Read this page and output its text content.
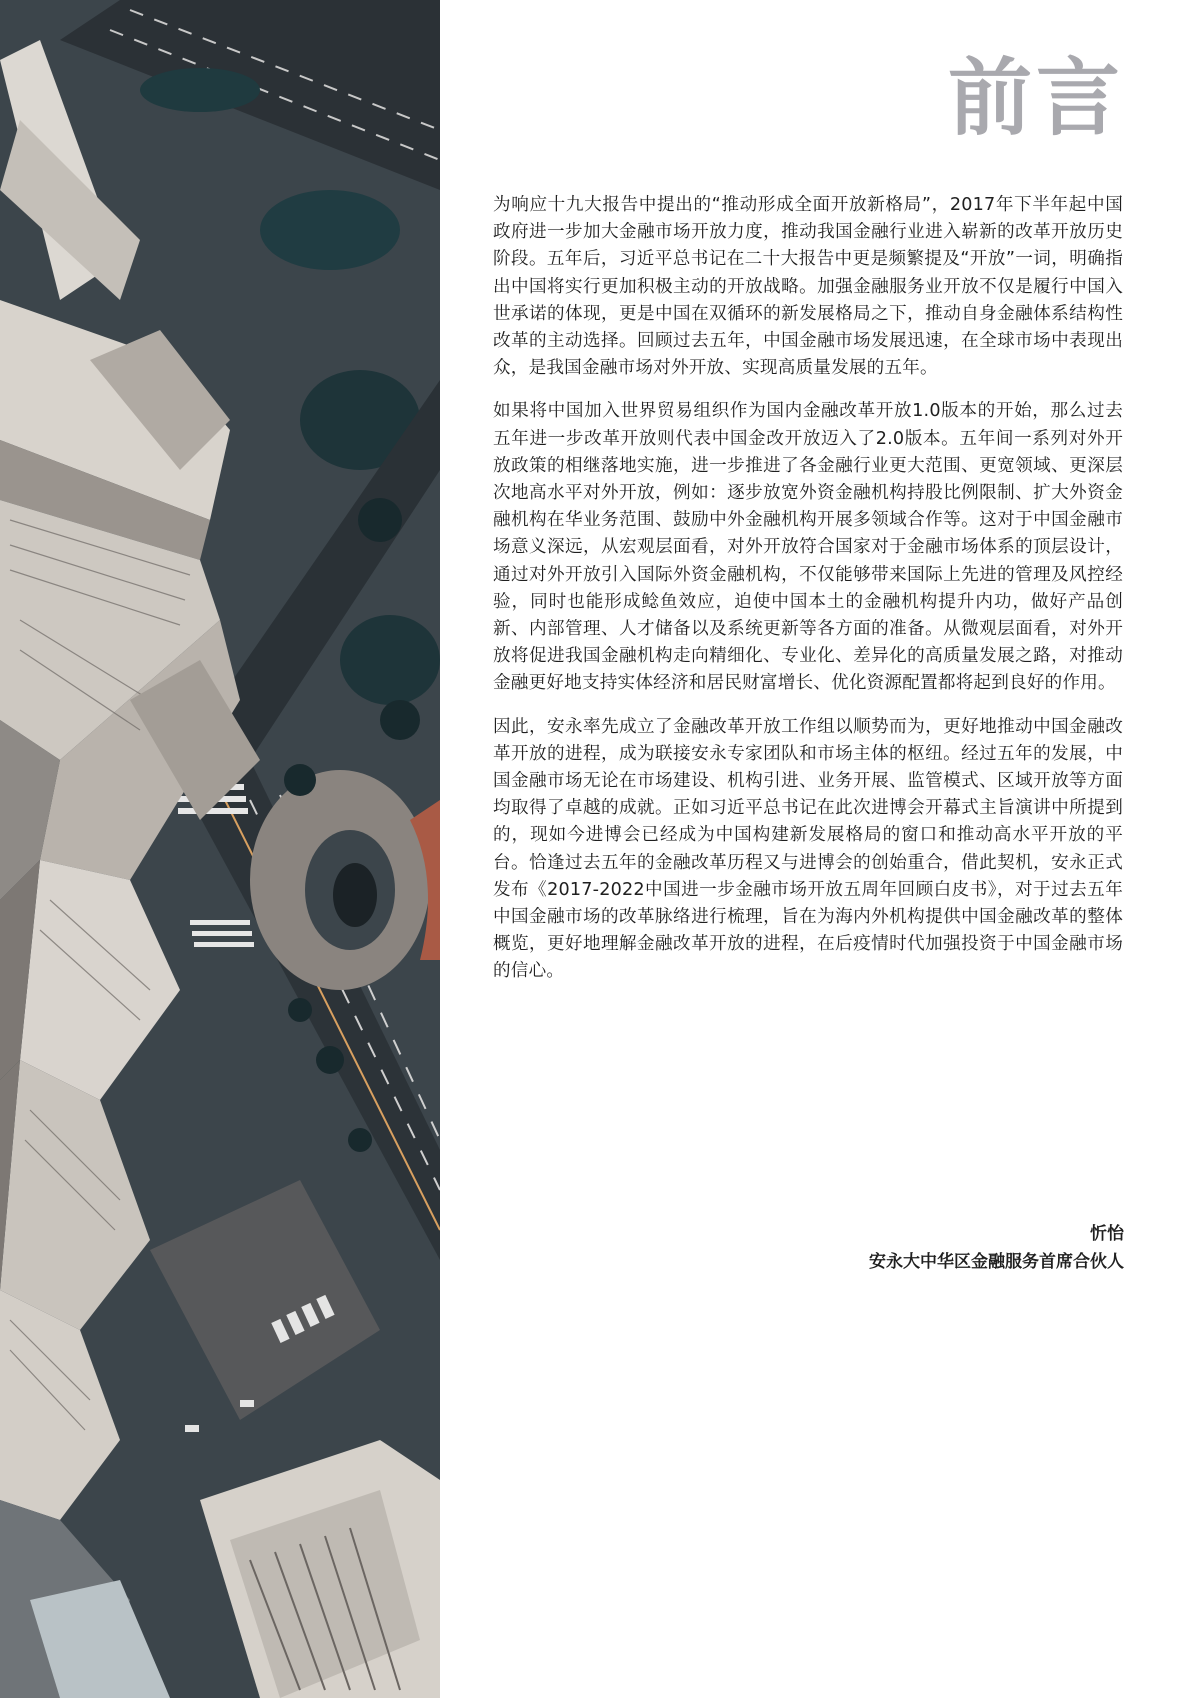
前言

为响应十九大报告中提出的“推动形成全面开放新格局”，2017年下半年起中国政府进一步加大金融市场开放力度，推动我国金融行业进入崭新的改革开放历史阶段。五年后，习近平总书记在二十大报告中更是频繁提及“开放”一词，明确指出中国将实行更加积极主动的开放战略。加强金融服务业开放不仅是履行中国入世承诺的体现，更是中国在双循环的新发展格局之下，推动自身金融体系结构性改革的主动选择。回顾过去五年，中国金融市场发展迅速，在全球市场中表现出众，是我国金融市场对外开放、实现高质量发展的五年。

如果将中国加入世界贸易组织作为国内金融改革开放1.0版本的开始，那么过去五年进一步改革开放则代表中国金改开放迈入了2.0版本。五年间一系列对外开放政策的相继落地实施，进一步推进了各金融行业更大范围、更宽领域、更深层次地高水平对外开放，例如：逐步放宽外资金融机构持股比例限制、扩大外资金融机构在华业务范围、鼓励中外金融机构开展多领域合作等。这对于中国金融市场意义深远，从宏观层面看，对外开放符合国家对于金融市场体系的顶层设计，通过对外开放引入国际外资金融机构，不仅能够带来国际上先进的管理及风控经验，同时也能形成鲶鱼效应，迫使中国本土的金融机构提升内功，做好产品创新、内部管理、人才储备以及系统更新等各方面的准备。从微观层面看，对外开放将促进我国金融机构走向精细化、专业化、差异化的高质量发展之路，对推动金融更好地支持实体经济和居民财富增长、优化资源配置都将起到良好的作用。

因此，安永率先成立了金融改革开放工作组以顺势而为，更好地推动中国金融改革开放的进程，成为联接安永专家团队和市场主体的枢纽。经过五年的发展，中国金融市场无论在市场建设、机构引进、业务开展、监管模式、区域开放等方面均取得了卓越的成就。正如习近平总书记在此次进博会开幕式主旨演讲中所提到的，现如今进博会已经成为中国构建新发展格局的窗口和推动高水平开放的平台。恰逢过去五年的金融改革历程又与进博会的创始重合，借此契机，安永正式发布《2017-2022中国进一步金融市场开放五周年回顾白皮书》，对于过去五年中国金融市场的改革脉络进行梳理，旨在为海内外机构提供中国金融改革的整体概览，更好地理解金融改革开放的进程，在后疫情时代加强投资于中国金融市场的信心。

忻怡
安永大中华区金融服务首席合伙人
